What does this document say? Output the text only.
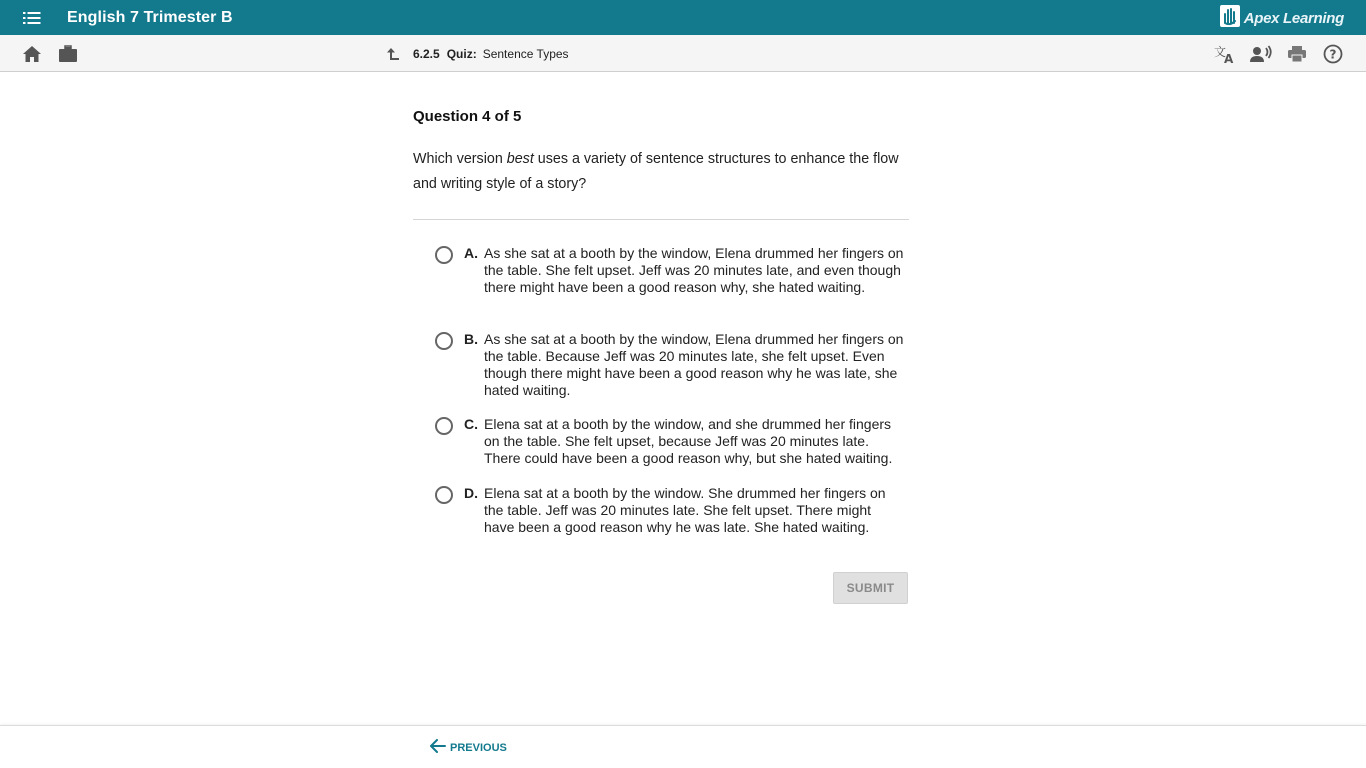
English 7 Trimester B	Apex Learning
6.2.5 Quiz: Sentence Types	文
A	?
Question 4 of 5
Which version best uses a variety of sentence structures to enhance the flow and writing style of a story?
A. As she sat at a booth by the window, Elena drummed her fingers on the table. She felt upset. Jeff was 20 minutes late, and even though there might have been a good reason why, she hated waiting.
B. As she sat at a booth by the window, Elena drummed her fingers on the table. Because Jeff was 20 minutes late, she felt upset. Even though there might have been a good reason why he was late, she hated waiting.
C. Elena sat at a booth by the window, and she drummed her fingers on the table. She felt upset, because Jeff was 20 minutes late. There could have been a good reason why, but she hated waiting.
D. Elena sat at a booth by the window. She drummed her fingers on the table. Jeff was 20 minutes late. She felt upset. There might have been a good reason why he was late. She hated waiting.
SUBMIT
PREVIOUS
